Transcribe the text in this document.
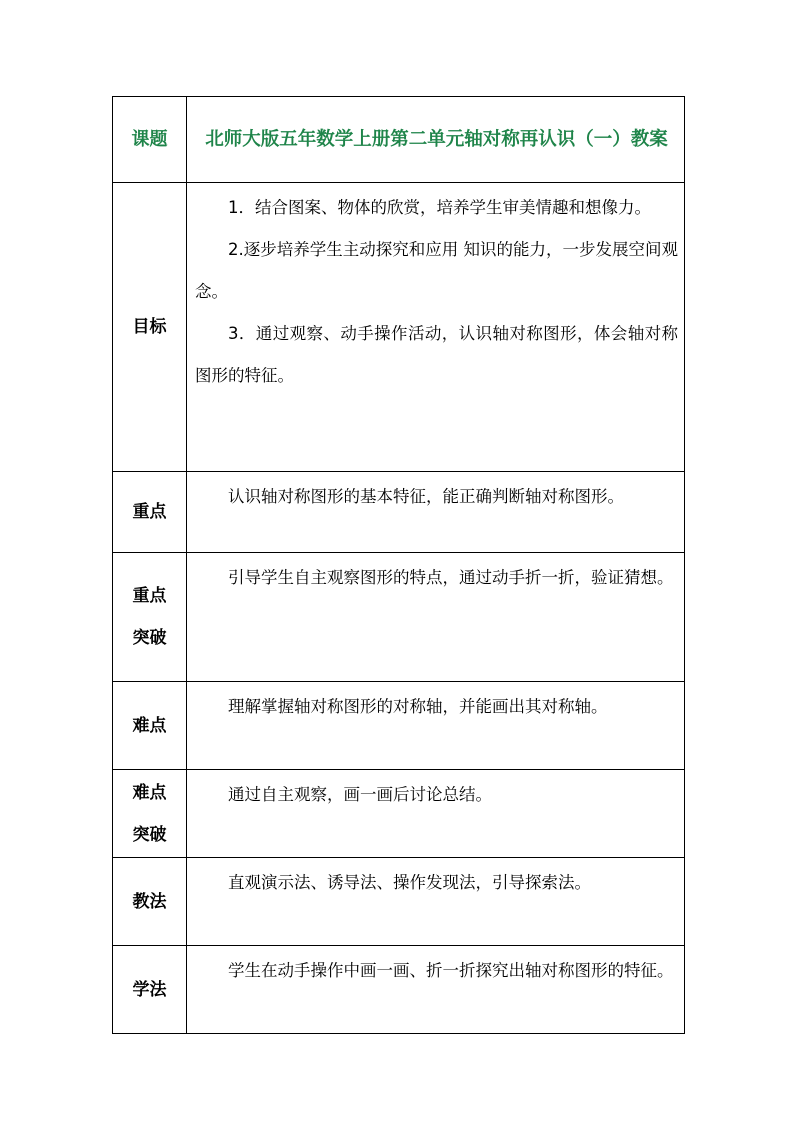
课题	北师大版五年数学上册第二单元轴对称再认识（一）教案
目标	1．结合图案、物体的欣赏，培养学生审美情趣和想像力。

2.逐步培养学生主动探究和应用 知识的能力，一步发展空间观念。

3．通过观察、动手操作活动，认识轴对称图形，体会轴对称图形的特征。

重点	认识轴对称图形的基本特征，能正确判断轴对称图形。

重点
突破	引导学生自主观察图形的特点，通过动手折一折，验证猜想。

难点	理解掌握轴对称图形的对称轴，并能画出其对称轴。

难点
突破	通过自主观察，画一画后讨论总结。

教法	直观演示法、诱导法、操作发现法，引导探索法。

学法	学生在动手操作中画一画、折一折探究出轴对称图形的特征。
